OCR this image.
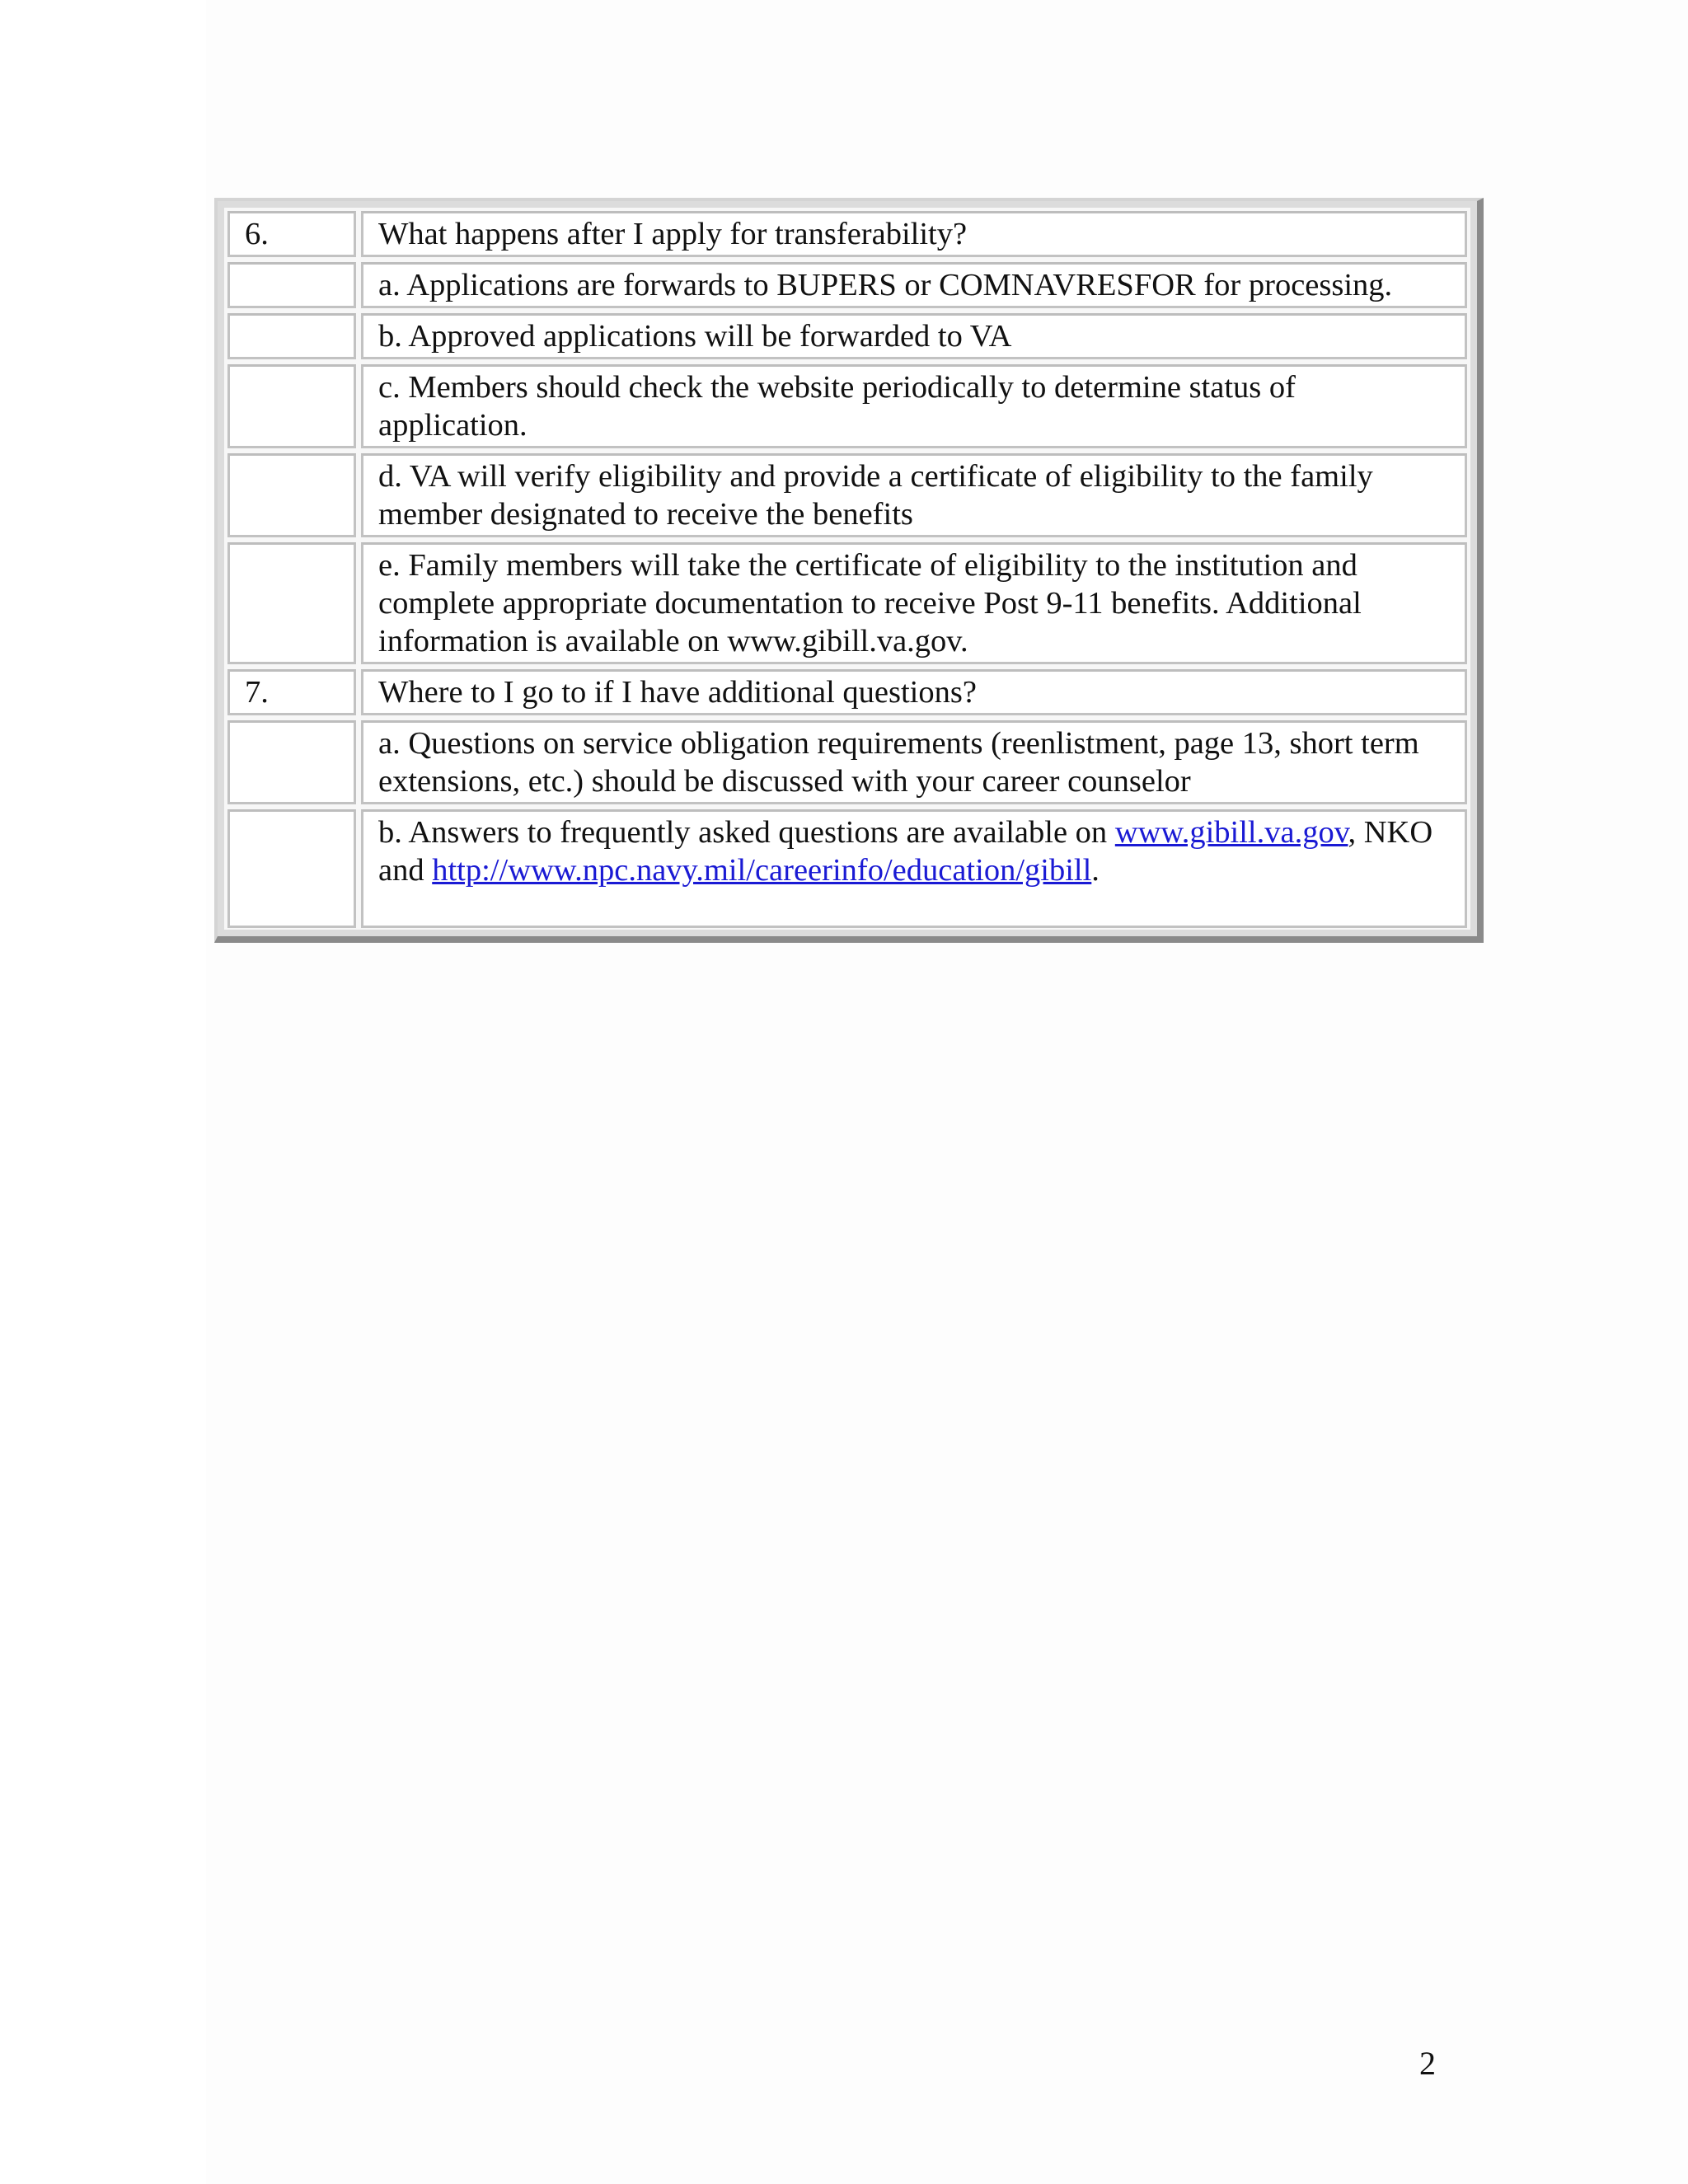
6.	What happens after I apply for transferability?
a. Applications are forwards to BUPERS or COMNAVRESFOR for processing.
b. Approved applications will be forwarded to VA
c. Members should check the website periodically to determine status of application.
d. VA will verify eligibility and provide a certificate of eligibility to the family member designated to receive the benefits
e. Family members will take the certificate of eligibility to the institution and complete appropriate documentation to receive Post 9-11 benefits. Additional information is available on www.gibill.va.gov.
7.	Where to I go to if I have additional questions?
a. Questions on service obligation requirements (reenlistment, page 13, short term extensions, etc.) should be discussed with your career counselor
b. Answers to frequently asked questions are available on www.gibill.va.gov, NKO and http://www.npc.navy.mil/careerinfo/education/gibill.
2
